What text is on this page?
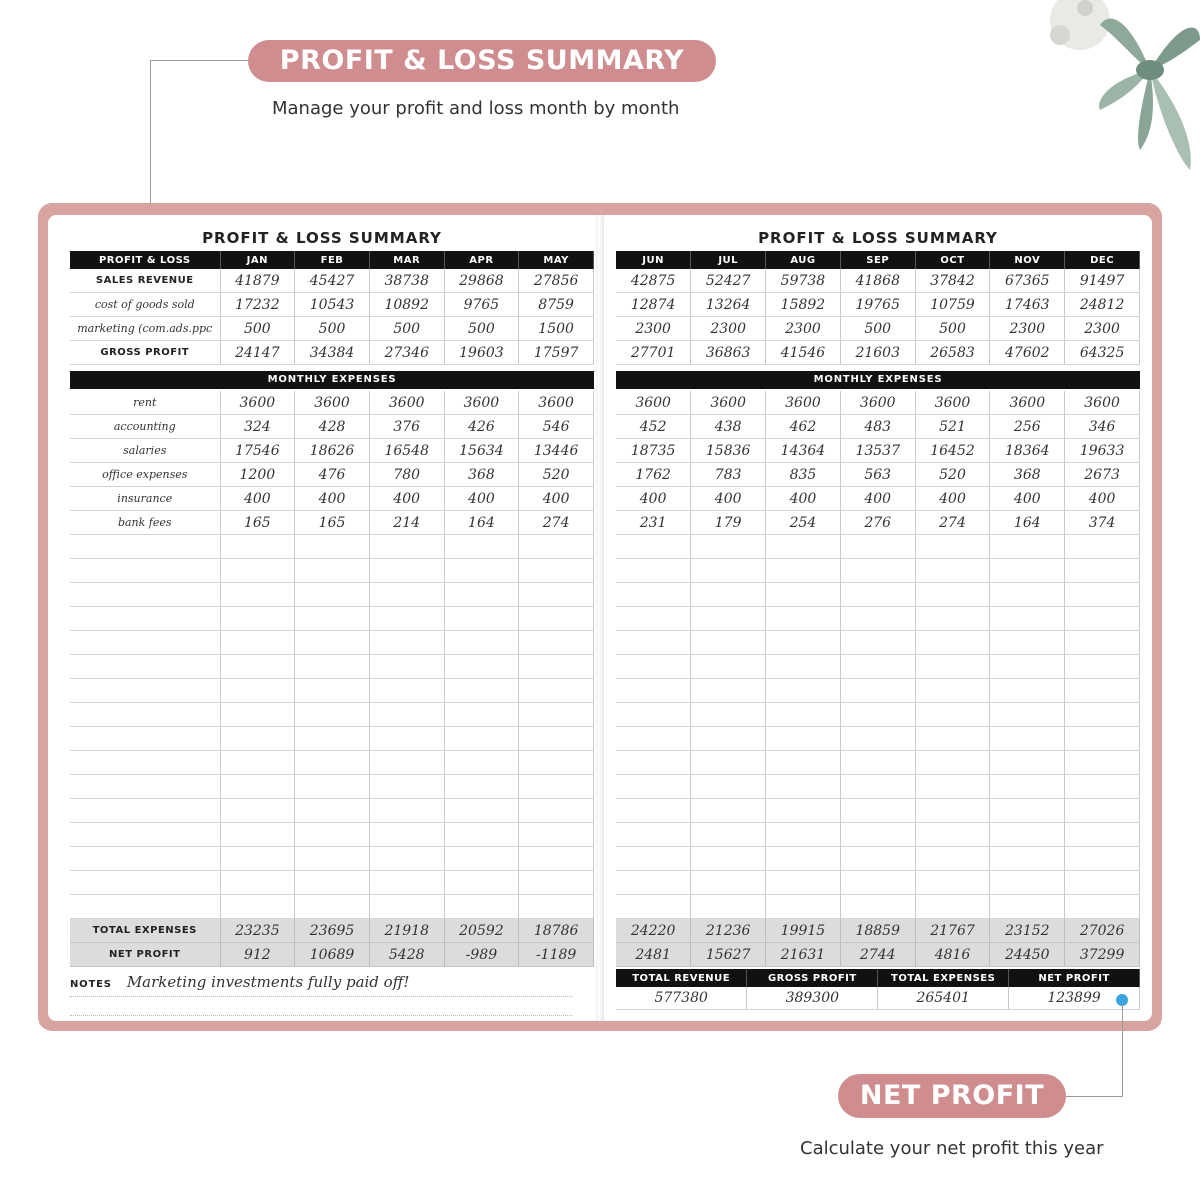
PROFIT & LOSS SUMMARY
Manage your profit and loss month by month
PROFIT & LOSS SUMMARY
PROFIT & LOSS	JAN	FEB	MAR	APR	MAY
SALES REVENUE	41879	45427	38738	29868	27856
cost of goods sold	17232	10543	10892	9765	8759
marketing (com.ads.ppc	500	500	500	500	1500
GROSS PROFIT	24147	34384	27346	19603	17597
MONTHLY EXPENSES
rent	3600	3600	3600	3600	3600
accounting	324	428	376	426	546
salaries	17546	18626	16548	15634	13446
office expenses	1200	476	780	368	520
insurance	400	400	400	400	400
bank fees	165	165	214	164	274

TOTAL EXPENSES	23235	23695	21918	20592	18786
NET PROFIT	912	10689	5428	-989	-1189
NOTES Marketing investments fully paid off!
PROFIT & LOSS SUMMARY
JUN	JUL	AUG	SEP	OCT	NOV	DEC
42875	52427	59738	41868	37842	67365	91497
12874	13264	15892	19765	10759	17463	24812
2300	2300	2300	500	500	2300	2300
27701	36863	41546	21603	26583	47602	64325
MONTHLY EXPENSES
3600	3600	3600	3600	3600	3600	3600
452	438	462	483	521	256	346
18735	15836	14364	13537	16452	18364	19633
1762	783	835	563	520	368	2673
400	400	400	400	400	400	400
231	179	254	276	274	164	374

24220	21236	19915	18859	21767	23152	27026
2481	15627	21631	2744	4816	24450	37299
TOTAL REVENUE	GROSS PROFIT	TOTAL EXPENSES	NET PROFIT
577380	389300	265401	123899
NET PROFIT
Calculate your net profit this year
